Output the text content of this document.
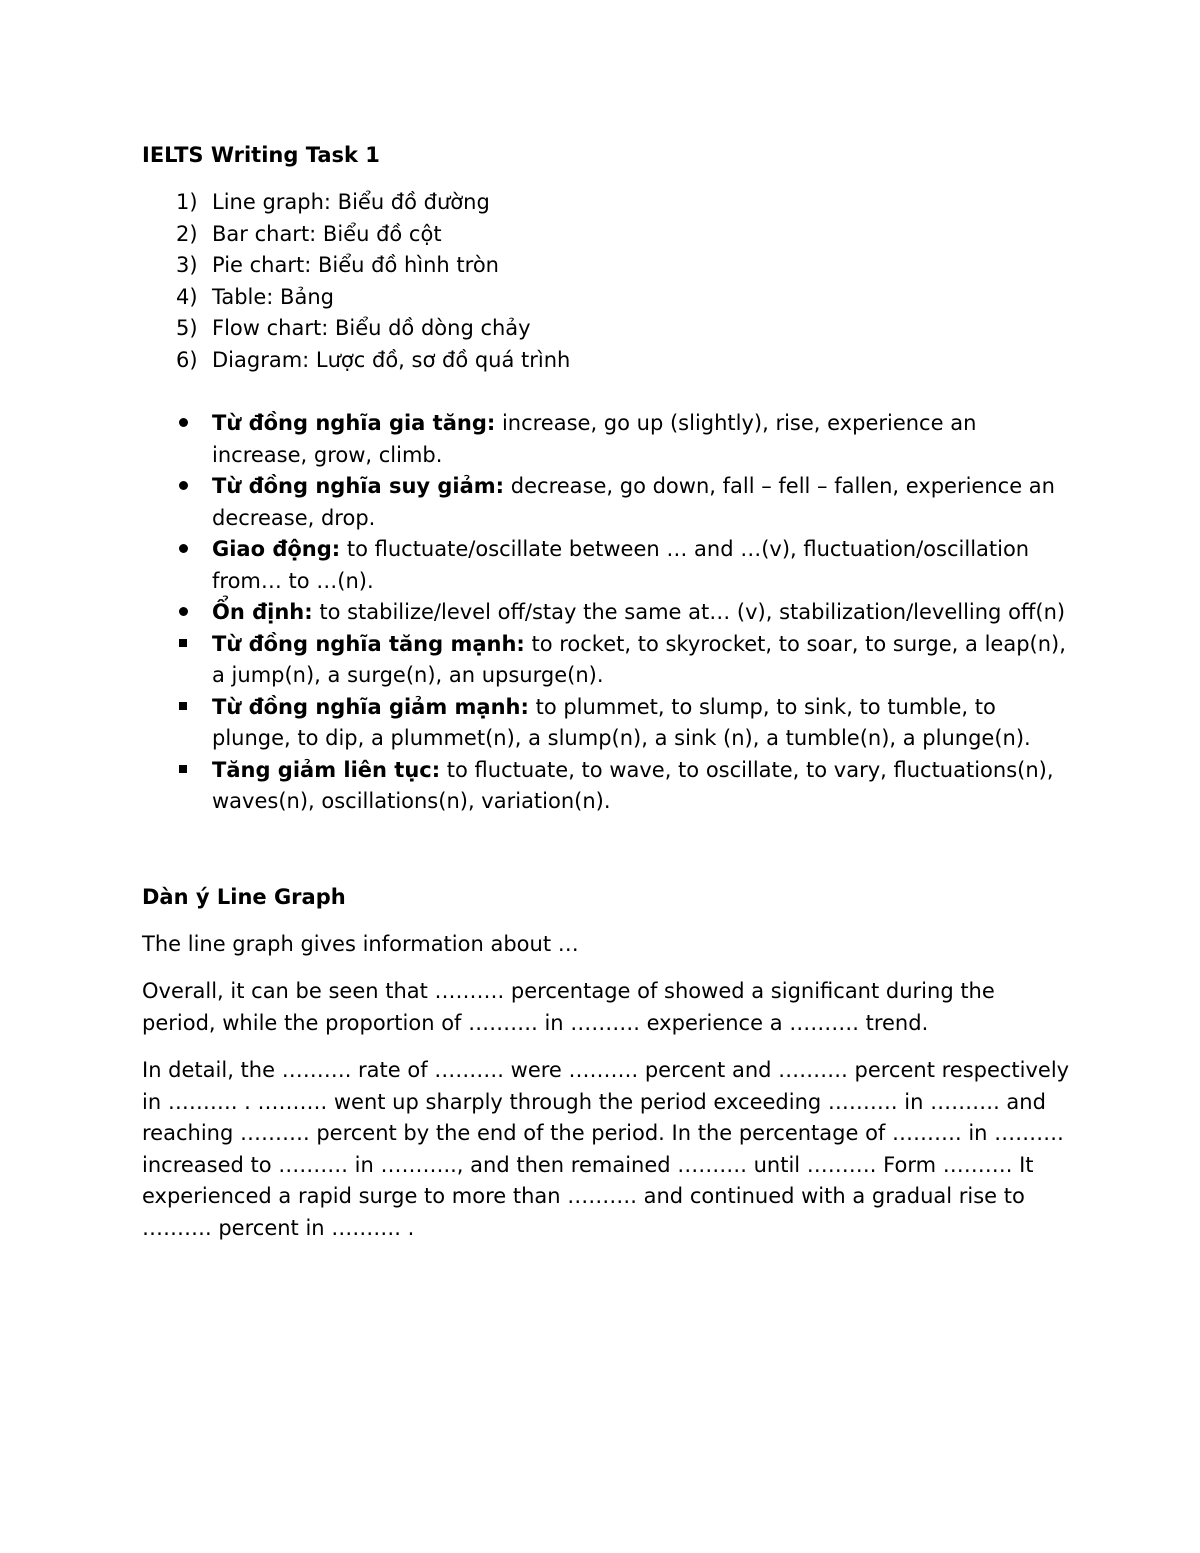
IELTS Writing Task 1

1) Line graph: Biểu đồ đường
2) Bar chart: Biểu đồ cột
3) Pie chart: Biểu đồ hình tròn
4) Table: Bảng
5) Flow chart: Biểu dồ dòng chảy
6) Diagram: Lược đồ, sơ đồ quá trình
Từ đồng nghĩa gia tăng: increase, go up (slightly), rise, experience an increase, grow, climb.
Từ đồng nghĩa suy giảm: decrease, go down, fall – fell – fallen, experience an decrease, drop.
Giao động: to fluctuate/oscillate between … and …(v), fluctuation/oscillation from… to …(n).
Ổn định: to stabilize/level off/stay the same at… (v), stabilization/levelling off(n)
Từ đồng nghĩa tăng mạnh: to rocket, to skyrocket, to soar, to surge, a leap(n), a jump(n), a surge(n), an upsurge(n).
Từ đồng nghĩa giảm mạnh: to plummet, to slump, to sink, to tumble, to plunge, to dip, a plummet(n), a slump(n), a sink (n), a tumble(n), a plunge(n).
Tăng giảm liên tục: to fluctuate, to wave, to oscillate, to vary, fluctuations(n), waves(n), oscillations(n), variation(n).

Dàn ý Line Graph

The line graph gives information about …

Overall, it can be seen that ………. percentage of showed a significant during the period, while the proportion of ………. in ………. experience a ………. trend.

In detail, the ………. rate of ………. were ………. percent and ………. percent respectively in ………. . ………. went up sharply through the period exceeding ………. in ………. and reaching ………. percent by the end of the period. In the percentage of ………. in ………. increased to ………. in ……….., and then remained ………. until ………. Form ………. It experienced a rapid surge to more than ………. and continued with a gradual rise to ………. percent in ………. .
